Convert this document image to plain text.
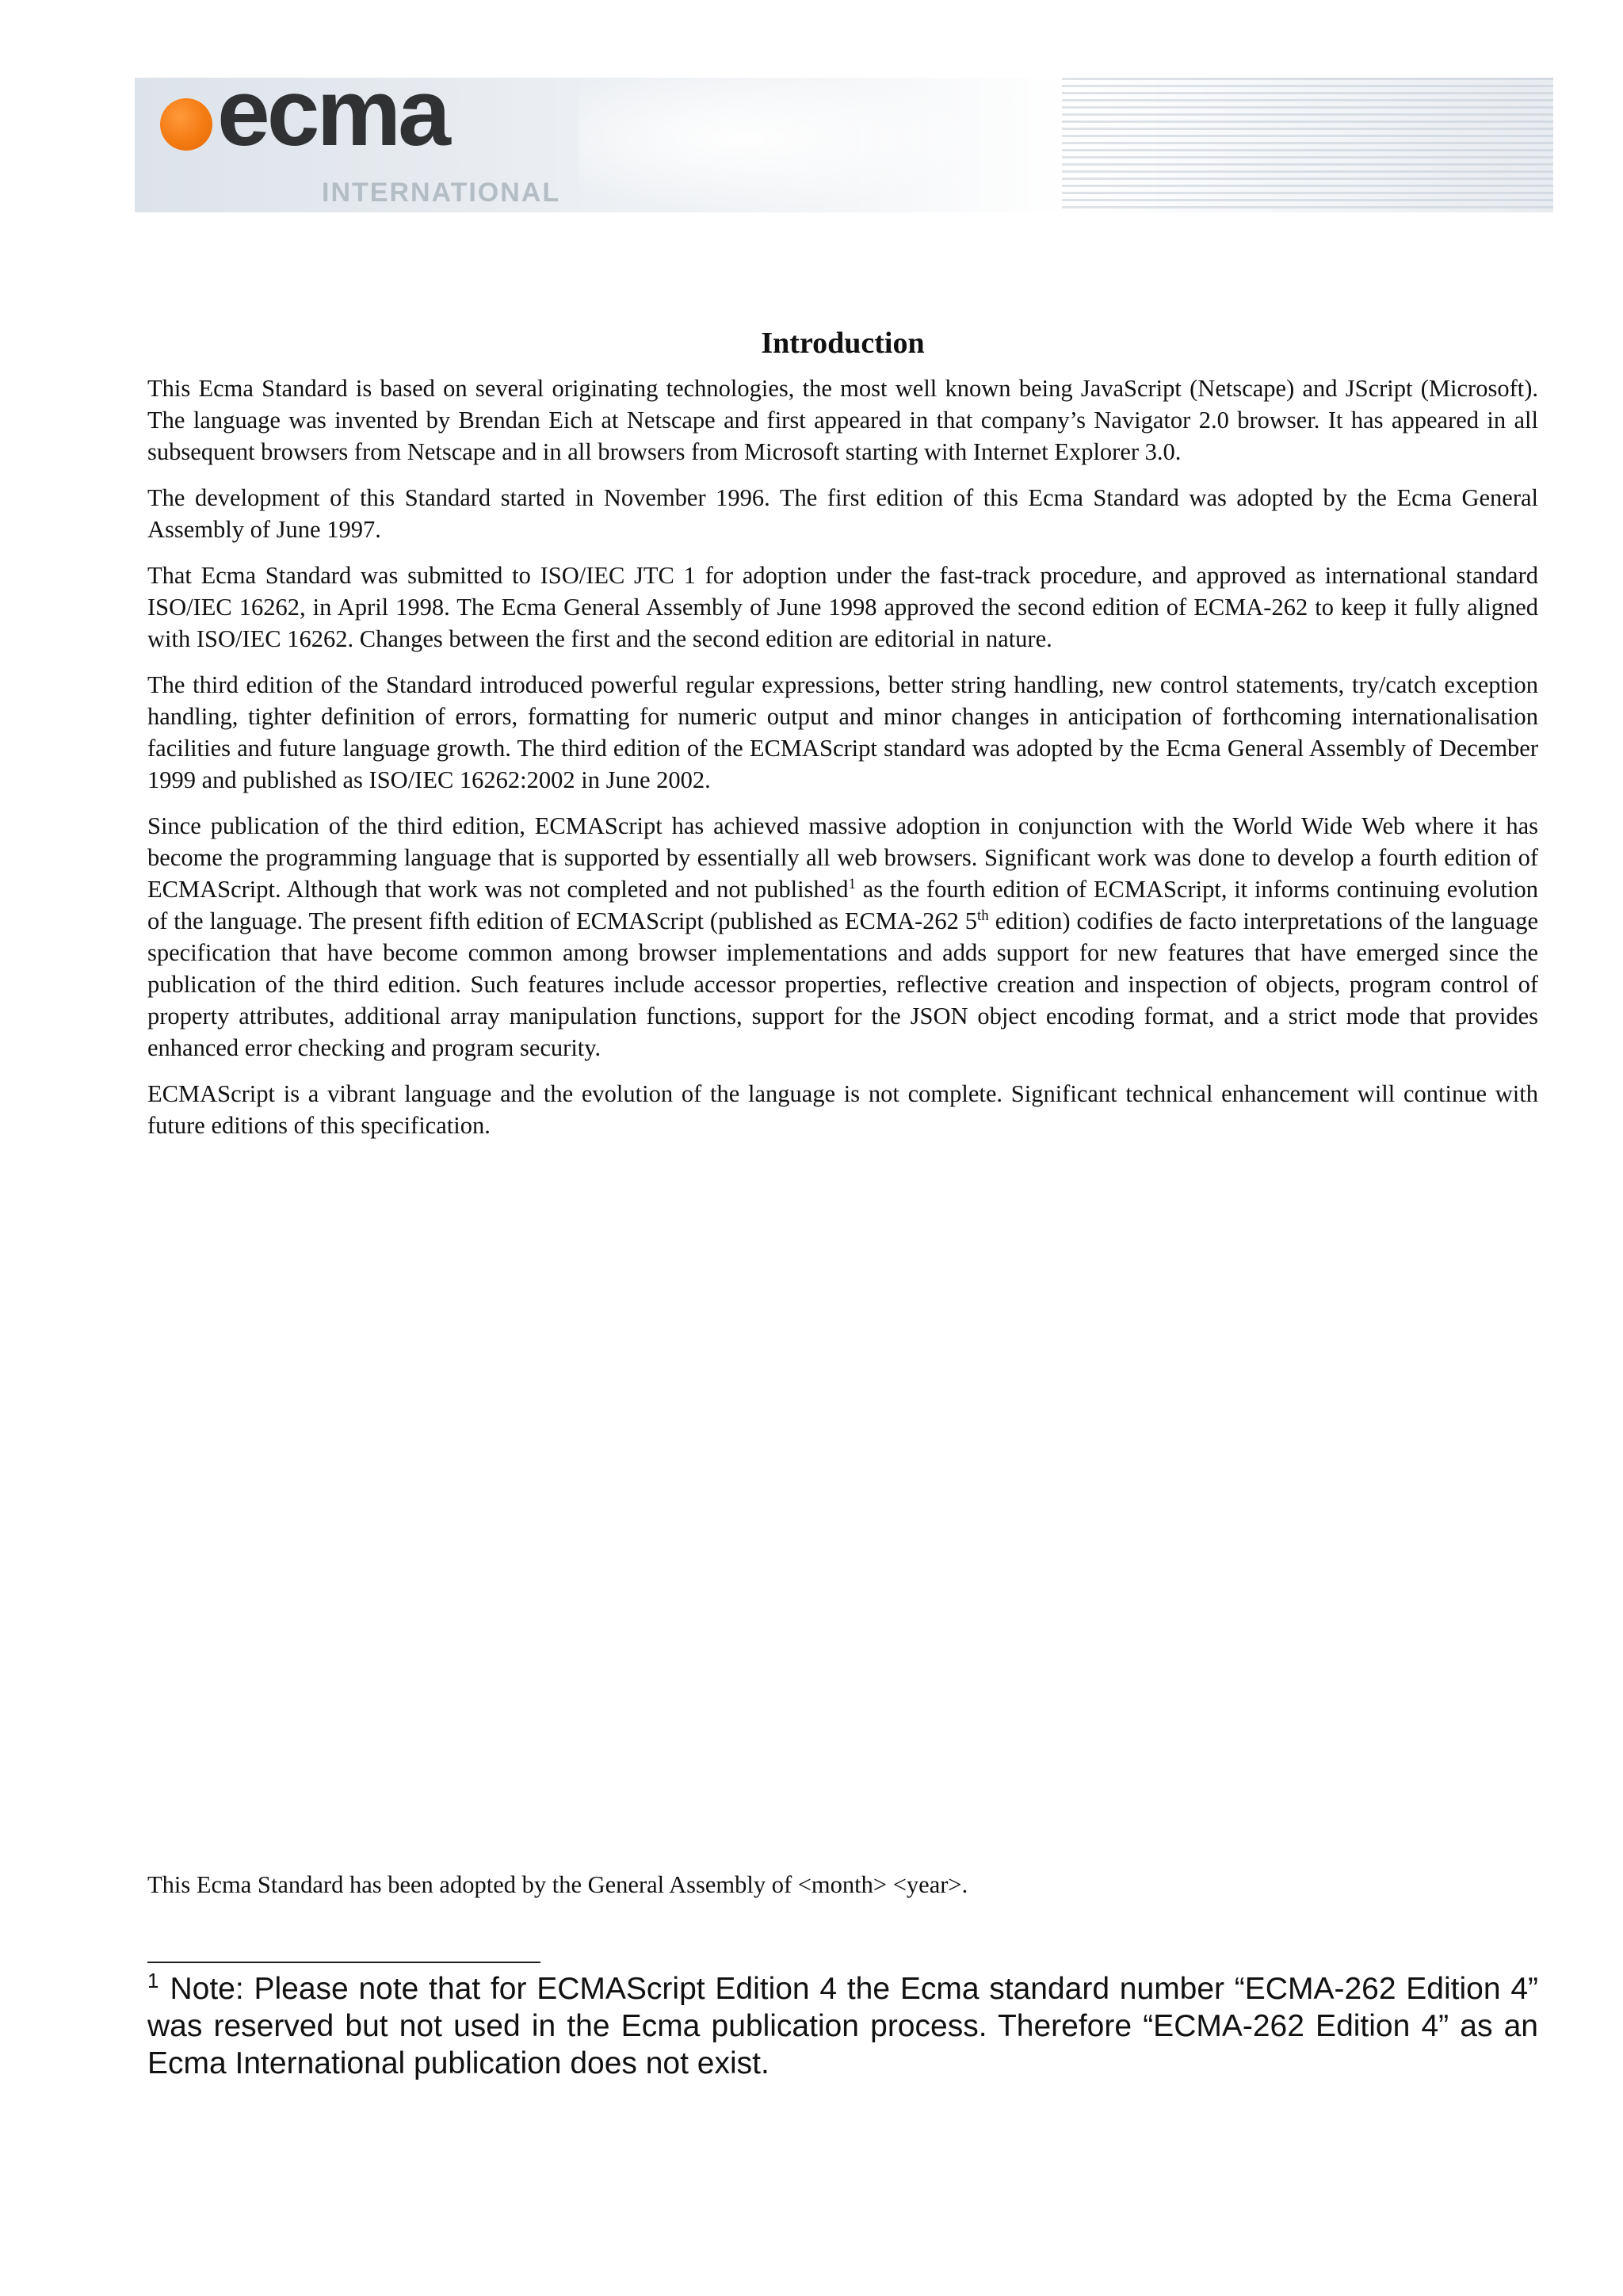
ecma
INTERNATIONAL
Introduction

This Ecma Standard is based on several originating technologies, the most well known being JavaScript (Netscape) and JScript (Microsoft). The language was invented by Brendan Eich at Netscape and first appeared in that company’s Navigator 2.0 browser. It has appeared in all subsequent browsers from Netscape and in all browsers from Microsoft starting with Internet Explorer 3.0.

The development of this Standard started in November 1996. The first edition of this Ecma Standard was adopted by the Ecma General Assembly of June 1997.

That Ecma Standard was submitted to ISO/IEC JTC 1 for adoption under the fast-track procedure, and approved as international standard ISO/IEC 16262, in April 1998. The Ecma General Assembly of June 1998 approved the second edition of ECMA-262 to keep it fully aligned with ISO/IEC 16262. Changes between the first and the second edition are editorial in nature.

The third edition of the Standard introduced powerful regular expressions, better string handling, new control statements, try/catch exception handling, tighter definition of errors, formatting for numeric output and minor changes in anticipation of forthcoming internationalisation facilities and future language growth. The third edition of the ECMAScript standard was adopted by the Ecma General Assembly of December 1999 and published as ISO/IEC 16262:2002 in June 2002.

Since publication of the third edition, ECMAScript has achieved massive adoption in conjunction with the World Wide Web where it has become the programming language that is supported by essentially all web browsers. Significant work was done to develop a fourth edition of ECMAScript. Although that work was not completed and not published$^1$ as the fourth edition of ECMAScript, it informs continuing evolution of the language. The present fifth edition of ECMAScript (published as ECMA-262 5th edition) codifies de facto interpretations of the language specification that have become common among browser implementations and adds support for new features that have emerged since the publication of the third edition. Such features include accessor properties, reflective creation and inspection of objects, program control of property attributes, additional array manipulation functions, support for the JSON object encoding format, and a strict mode that provides enhanced error checking and program security.

ECMAScript is a vibrant language and the evolution of the language is not complete. Significant technical enhancement will continue with future editions of this specification.

This Ecma Standard has been adopted by the General Assembly of <month> <year>.
$^1$ Note: Please note that for ECMAScript Edition 4 the Ecma standard number “ECMA-262 Edition 4” was reserved but not used in the Ecma publication process. Therefore “ECMA-262 Edition 4” as an Ecma International publication does not exist.
